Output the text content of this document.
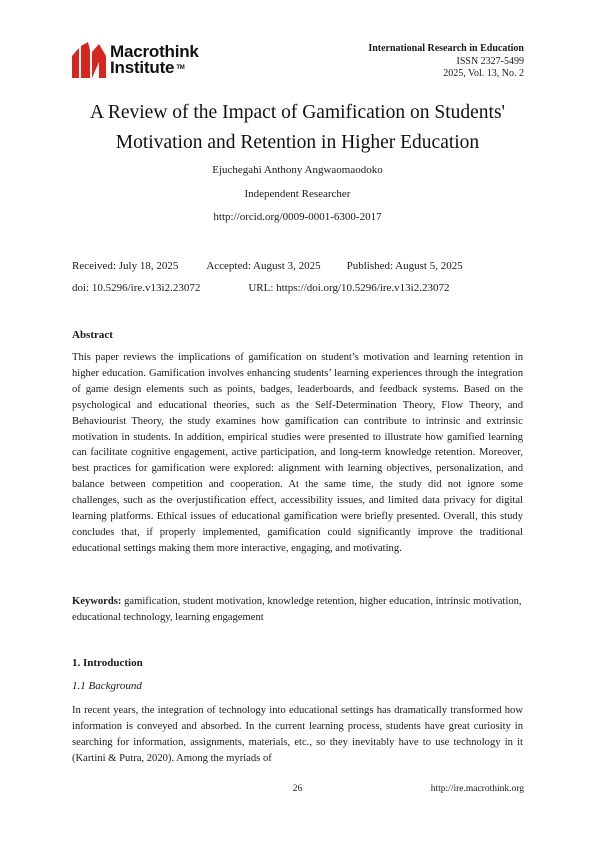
Macrothink
Institute ™
International Research in Education
ISSN 2327-5499
2025, Vol. 13, No. 2
A Review of the Impact of Gamification on Students'
Motivation and Retention in Higher Education
Ejuchegahi Anthony Angwaomaodoko
Independent Researcher
http://orcid.org/0009-0001-6300-2017
Received: July 18, 2025	Accepted: August 3, 2025 Published: August 5, 2025
doi: 10.5296/ire.v13i2.23072	URL: https://doi.org/10.5296/ire.v13i2.23072
Abstract
This paper reviews the implications of gamification on student’s motivation and learning retention in higher education. Gamification involves enhancing students’ learning experiences through the integration of game design elements such as points, badges, leaderboards, and feedback systems. Based on the psychological and educational theories, such as the Self-Determination Theory, Flow Theory, and Behaviourist Theory, the study examines how gamification can contribute to intrinsic and extrinsic motivation in students. In addition, empirical studies were presented to illustrate how gamified learning can facilitate cognitive engagement, active participation, and long-term knowledge retention. Moreover, best practices for gamification were explored: alignment with learning objectives, personalization, and balance between competition and cooperation. At the same time, the study did not ignore some challenges, such as the overjustification effect, accessibility issues, and limited data privacy for digital learning platforms. Ethical issues of educational gamification were briefly presented. Overall, this study concludes that, if properly implemented, gamification could significantly improve the traditional educational settings making them more interactive, engaging, and motivating.
Keywords: gamification, student motivation, knowledge retention, higher education, intrinsic motivation, educational technology, learning engagement
1. Introduction
1.1 Background
In recent years, the integration of technology into educational settings has dramatically transformed how information is conveyed and absorbed. In the current learning process, students have great curiosity in searching for information, assignments, materials, etc., so they inevitably have to use technology in it (Kartini & Putra, 2020). Among the myriads of
26	http://ire.macrothink.org
